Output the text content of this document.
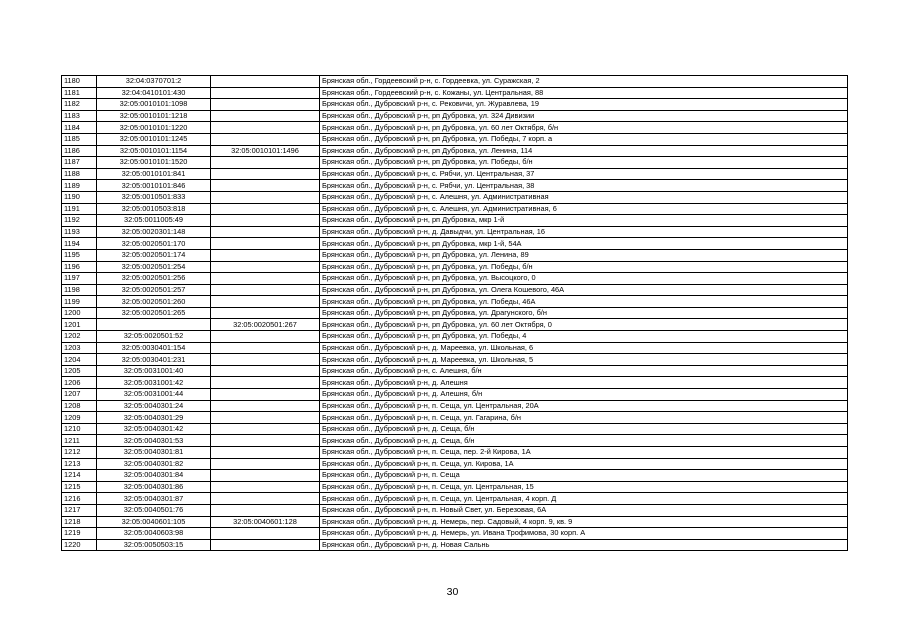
1180	32:04:0370701:2		Брянская обл., Гордеевский р-н, с. Гордеевка, ул. Суражская, 2
1181	32:04:0410101:430		Брянская обл., Гордеевский р-н, с. Кожаны, ул. Центральная, 88
1182	32:05:0010101:1098		Брянская обл., Дубровский р-н, с. Рековичи, ул. Журавлева, 19
1183	32:05:0010101:1218		Брянская обл., Дубровский р-н, рп Дубровка, ул. 324 Дивизии
1184	32:05:0010101:1220		Брянская обл., Дубровский р-н, рп Дубровка, ул. 60 лет Октября, б/н
1185	32:05:0010101:1245		Брянская обл., Дубровский р-н, рп Дубровка, ул. Победы, 7 корп. а
1186	32:05:0010101:1154	32:05:0010101:1496	Брянская обл., Дубровский р-н, рп Дубровка, ул. Ленина, 114
1187	32:05:0010101:1520		Брянская обл., Дубровский р-н, рп Дубровка, ул. Победы, б/н
1188	32:05:0010101:841		Брянская обл., Дубровский р-н, с. Рябчи, ул. Центральная, 37
1189	32:05:0010101:846		Брянская обл., Дубровский р-н, с. Рябчи, ул. Центральная, 38
1190	32:05:0010501:833		Брянская обл., Дубровский р-н, с. Алешня, ул. Административная
1191	32:05:0010503:818		Брянская обл., Дубровский р-н, с. Алешня, ул. Административная, 6
1192	32:05:0011005:49		Брянская обл., Дубровский р-н, рп Дубровка, мкр 1-й
1193	32:05:0020301:148		Брянская обл., Дубровский р-н, д. Давыдчи, ул. Центральная, 16
1194	32:05:0020501:170		Брянская обл., Дубровский р-н, рп Дубровка, мкр 1-й, 54А
1195	32:05:0020501:174		Брянская обл., Дубровский р-н, рп Дубровка, ул. Ленина, 89
1196	32:05:0020501:254		Брянская обл., Дубровский р-н, рп Дубровка, ул. Победы, б/н
1197	32:05:0020501:256		Брянская обл., Дубровский р-н, рп Дубровка, ул. Высоцкого, 0
1198	32:05:0020501:257		Брянская обл., Дубровский р-н, рп Дубровка, ул. Олега Кошевого, 46А
1199	32:05:0020501:260		Брянская обл., Дубровский р-н, рп Дубровка, ул. Победы, 46А
1200	32:05:0020501:265		Брянская обл., Дубровский р-н, рп Дубровка, ул. Драгунского, б/н
1201		32:05:0020501:267	Брянская обл., Дубровский р-н, рп Дубровка, ул. 60 лет Октября, 0
1202	32:05:0020501:52		Брянская обл., Дубровский р-н, рп Дубровка, ул. Победы, 4
1203	32:05:0030401:154		Брянская обл., Дубровский р-н, д. Мареевка, ул. Школьная, 6
1204	32:05:0030401:231		Брянская обл., Дубровский р-н, д. Мареевка, ул. Школьная, 5
1205	32:05:0031001:40		Брянская обл., Дубровский р-н, с. Алешня, б/н
1206	32:05:0031001:42		Брянская обл., Дубровский р-н, д. Алешня
1207	32:05:0031001:44		Брянская обл., Дубровский р-н, д. Алешня, б/н
1208	32:05:0040301:24		Брянская обл., Дубровский р-н, п. Сеща, ул. Центральная, 20А
1209	32:05:0040301:29		Брянская обл., Дубровский р-н, п. Сеща, ул. Гагарина, б/н
1210	32:05:0040301:42		Брянская обл., Дубровский р-н, д. Сеща, б/н
1211	32:05:0040301:53		Брянская обл., Дубровский р-н, д. Сеща, б/н
1212	32:05:0040301:81		Брянская обл., Дубровский р-н, п. Сеща, пер. 2-й Кирова, 1А
1213	32:05:0040301:82		Брянская обл., Дубровский р-н, п. Сеща, ул. Кирова, 1А
1214	32:05:0040301:84		Брянская обл., Дубровский р-н, п. Сеща
1215	32:05:0040301:86		Брянская обл., Дубровский р-н, п. Сеща, ул. Центральная, 15
1216	32:05:0040301:87		Брянская обл., Дубровский р-н, п. Сеща, ул. Центральная, 4 корп. Д
1217	32:05:0040501:76		Брянская обл., Дубровский р-н, п. Новый Свет, ул. Березовая, 6А
1218	32:05:0040601:105	32:05:0040601:128	Брянская обл., Дубровский р-н, д. Немерь, пер. Садовый, 4 корп. 9, кв. 9
1219	32:05:0040603:98		Брянская обл., Дубровский р-н, д. Немерь, ул. Ивана Трофимова, 30 корп. А
1220	32:05:0050503:15		Брянская обл., Дубровский р-н, д. Новая Сальнь
30
